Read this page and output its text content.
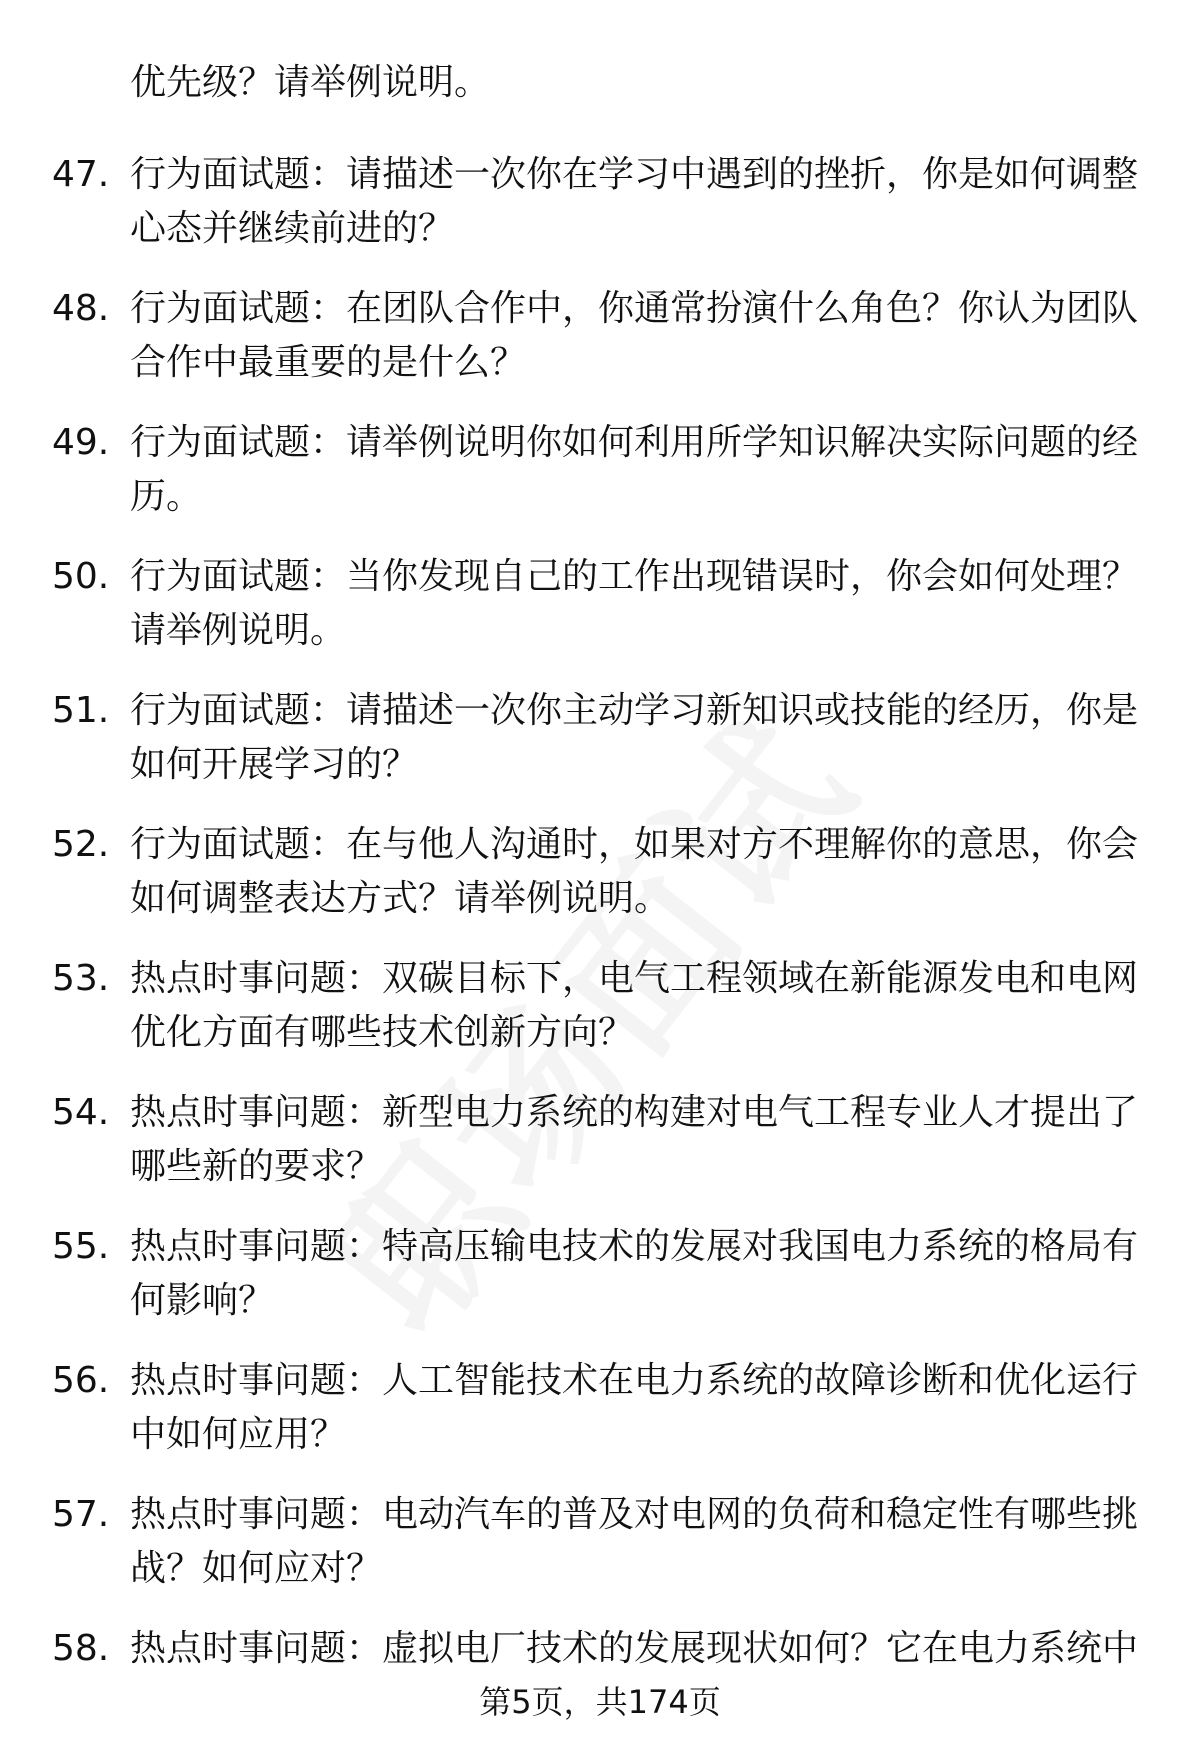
优先级？请举例说明。
47. 行为面试题：请描述一次你在学习中遇到的挫折，你是如何调整心态并继续前进的？
48. 行为面试题：在团队合作中，你通常扮演什么角色？你认为团队合作中最重要的是什么？
49. 行为面试题：请举例说明你如何利用所学知识解决实际问题的经历。
50. 行为面试题：当你发现自己的工作出现错误时，你会如何处理？请举例说明。
51. 行为面试题：请描述一次你主动学习新知识或技能的经历，你是如何开展学习的？
52. 行为面试题：在与他人沟通时，如果对方不理解你的意思，你会如何调整表达方式？请举例说明。
53. 热点时事问题：双碳目标下，电气工程领域在新能源发电和电网优化方面有哪些技术创新方向？
54. 热点时事问题：新型电力系统的构建对电气工程专业人才提出了哪些新的要求？
55. 热点时事问题：特高压输电技术的发展对我国电力系统的格局有何影响？
56. 热点时事问题：人工智能技术在电力系统的故障诊断和优化运行中如何应用？
57. 热点时事问题：电动汽车的普及对电网的负荷和稳定性有哪些挑战？如何应对？
58. 热点时事问题：虚拟电厂技术的发展现状如何？它在电力系统中
第5页，共174页
